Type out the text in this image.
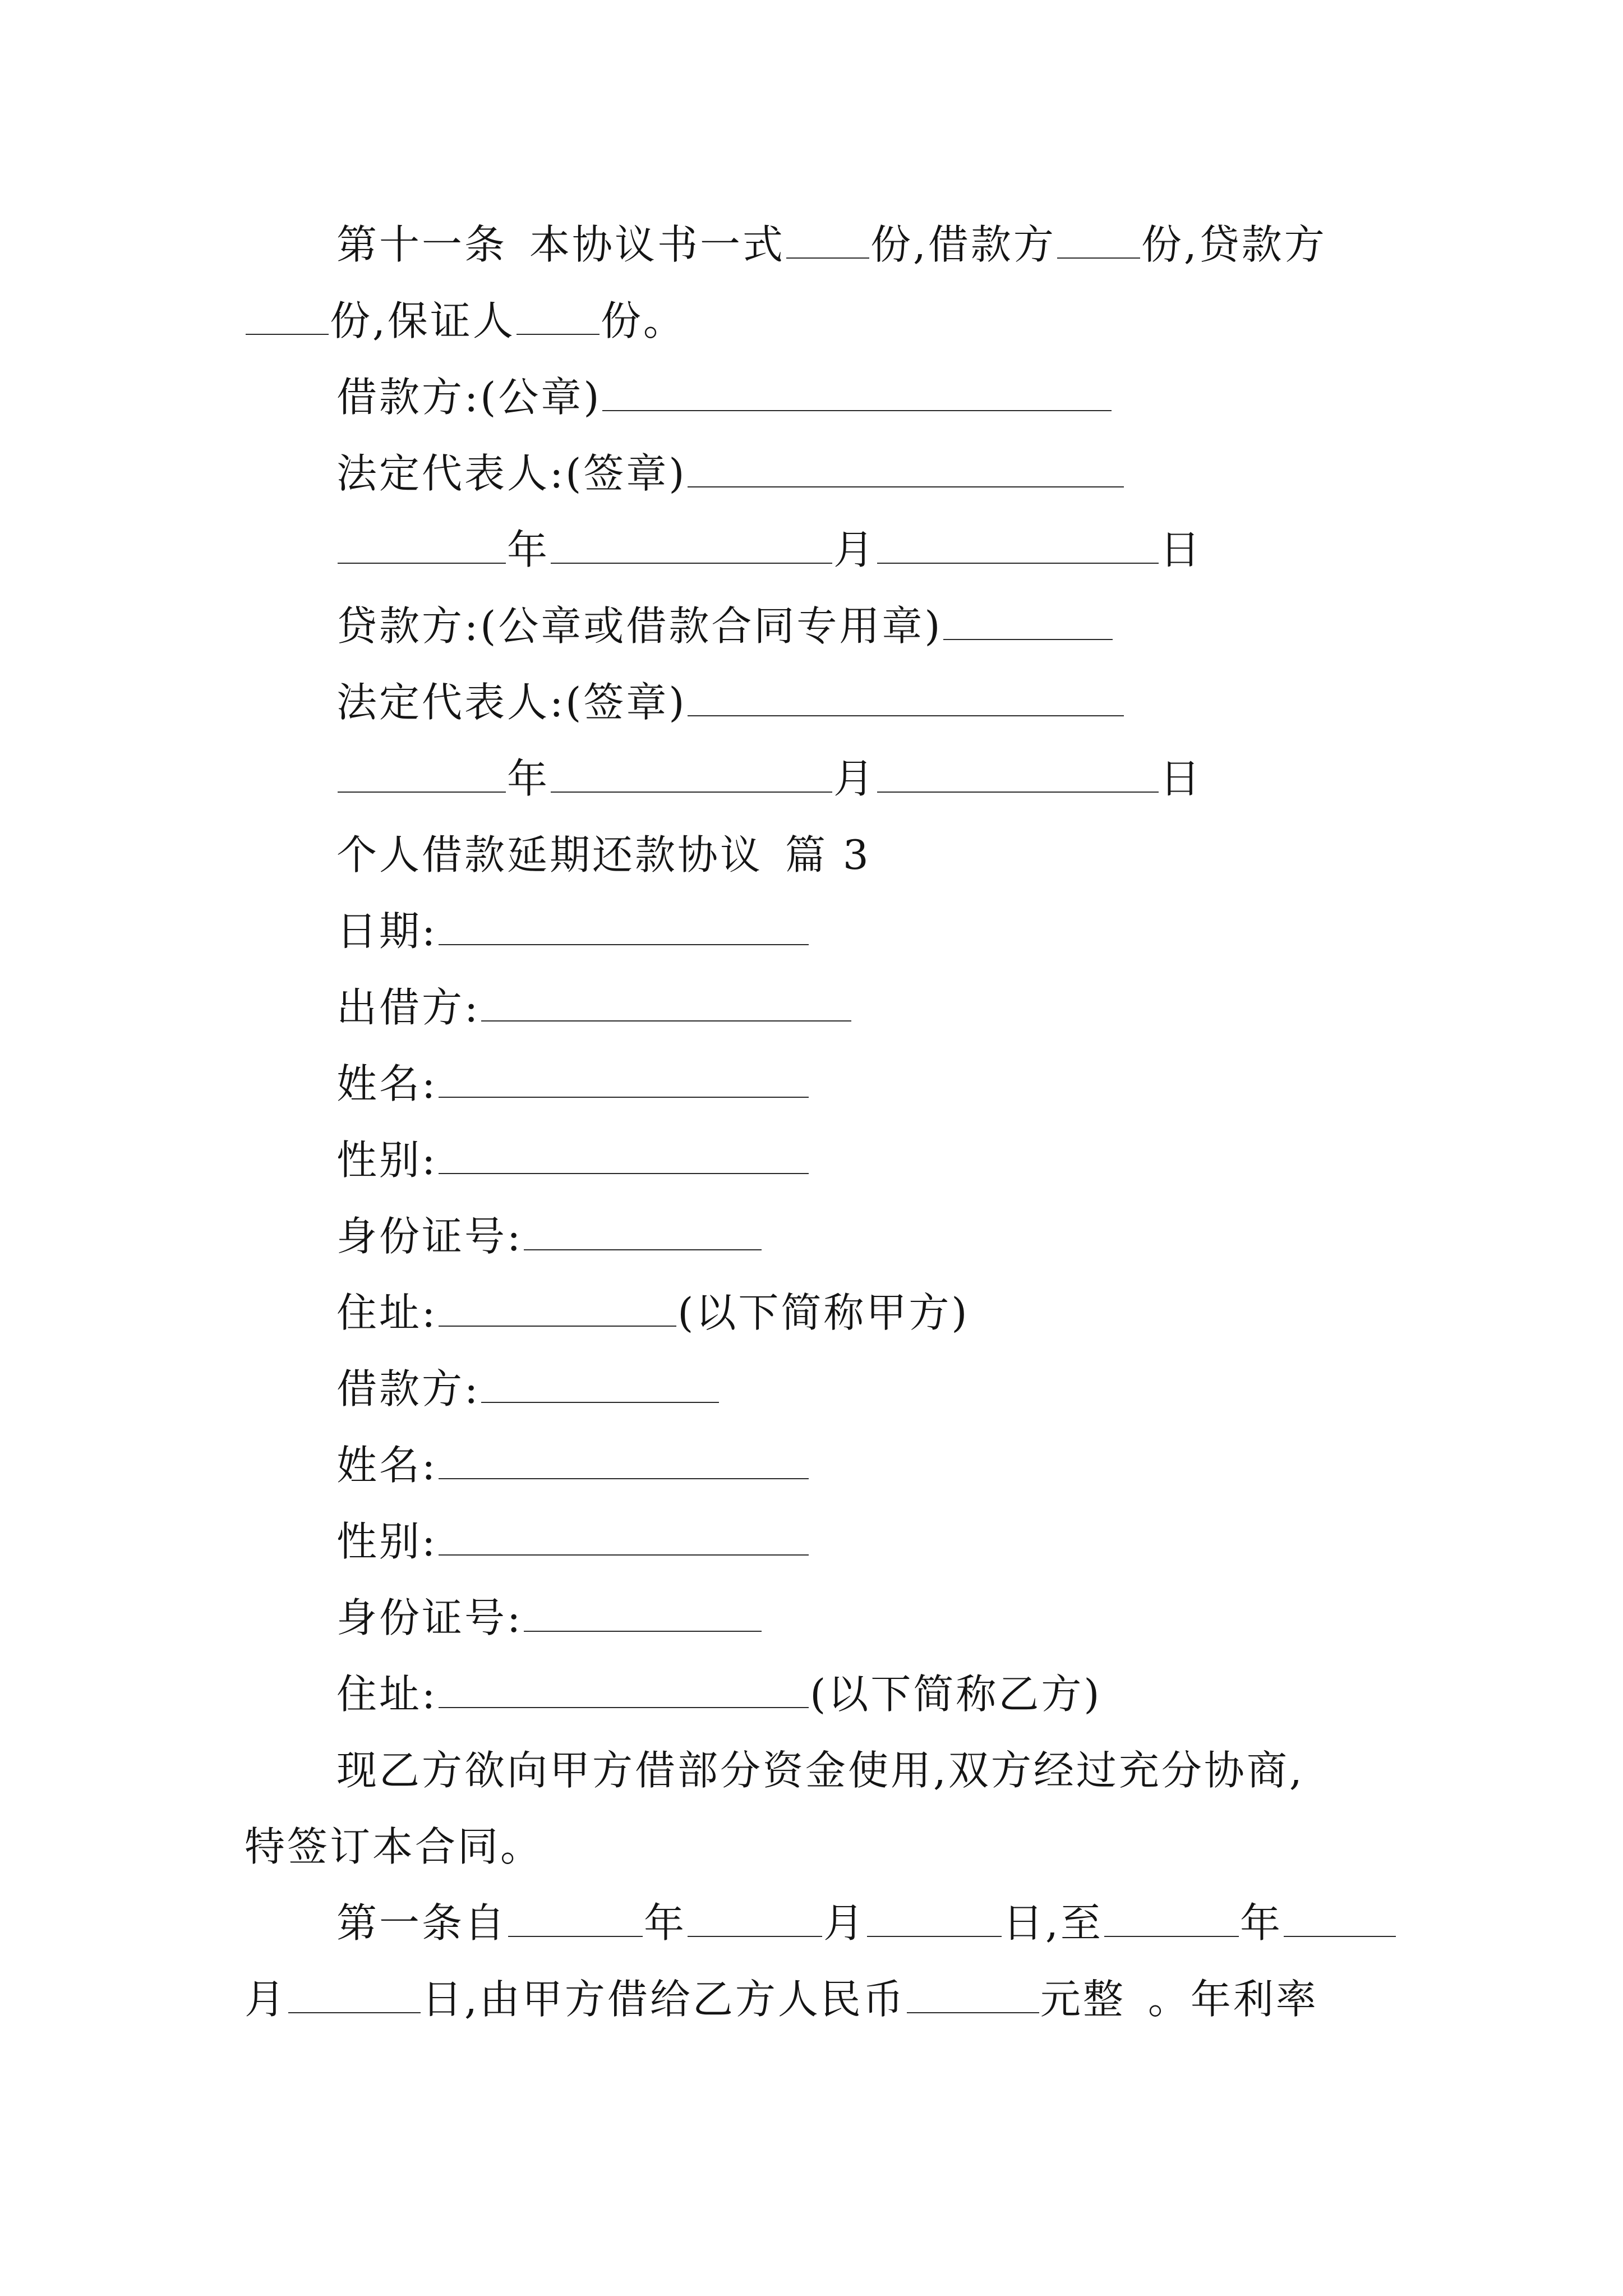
第十一条 本协议书一式 份,借款方 份,贷款方
份,保证人 份。
借款方:(公章)
法定代表人:(签章)
年	月	日
贷款方:(公章或借款合同专用章)
法定代表人:(签章)
年	月	日
个人借款延期还款协议 篇 3
日期:
出借方:
姓名:
性别:
身份证号:
住址:	(以下简称甲方)
借款方:
姓名:
性别:
身份证号:
住址:	(以下简称乙方)
现乙方欲向甲方借部分资金使用,双方经过充分协商,
特签订本合同。
第一条自	年	月	日,至	年
月	日,由甲方借给乙方人民币	元整 。年利率
